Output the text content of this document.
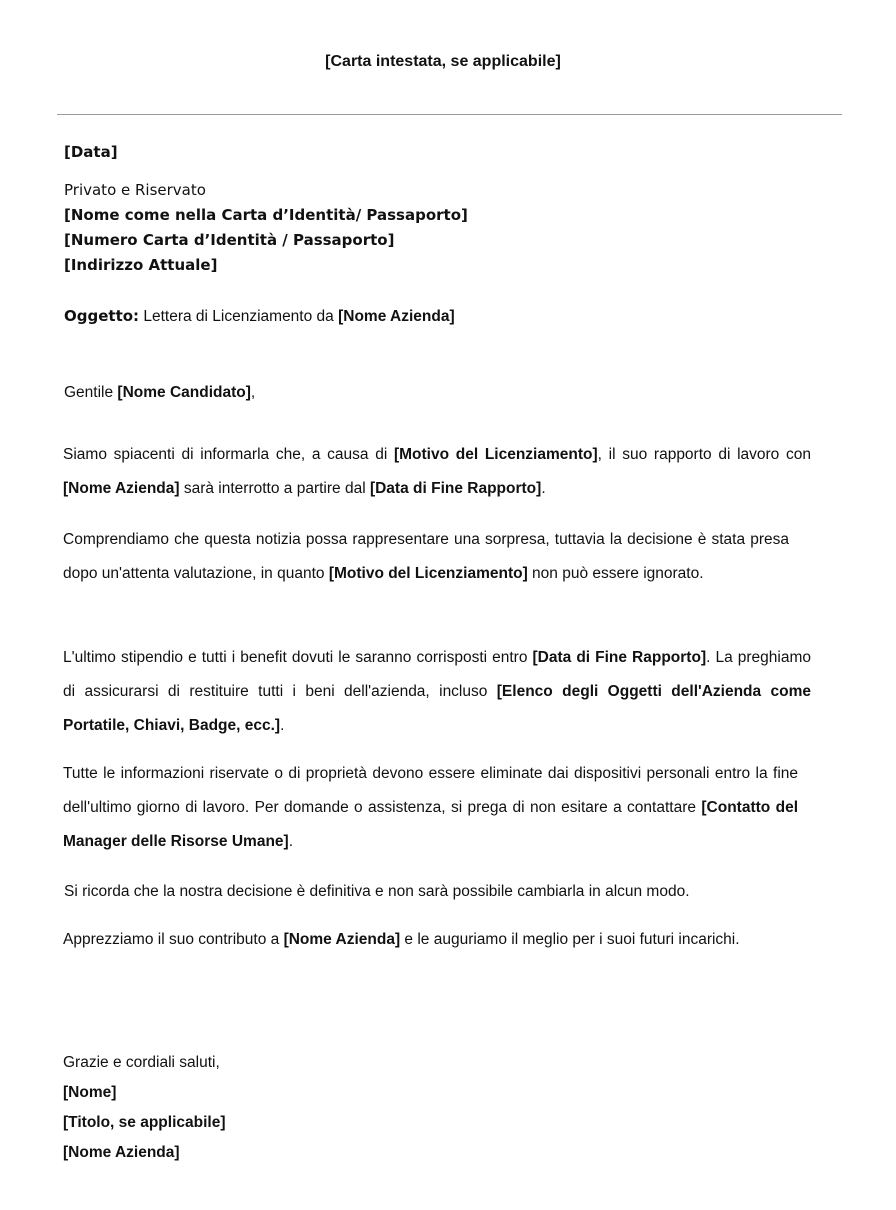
[Carta intestata, se applicabile]
[Data]
Privato e Riservato
[Nome come nella Carta d’Identità/ Passaporto]
[Numero Carta d’Identità / Passaporto]
[Indirizzo Attuale]
Oggetto: Lettera di Licenziamento da [Nome Azienda]
Gentile [Nome Candidato],
Siamo spiacenti di informarla che, a causa di [Motivo del Licenziamento], il suo rapporto di lavoro con [Nome Azienda] sarà interrotto a partire dal [Data di Fine Rapporto].
Comprendiamo che questa notizia possa rappresentare una sorpresa, tuttavia la decisione è stata presa dopo un'attenta valutazione, in quanto [Motivo del Licenziamento] non può essere ignorato.
L'ultimo stipendio e tutti i benefit dovuti le saranno corrisposti entro [Data di Fine Rapporto]. La preghiamo di assicurarsi di restituire tutti i beni dell'azienda, incluso [Elenco degli Oggetti dell'Azienda come Portatile, Chiavi, Badge, ecc.].
Tutte le informazioni riservate o di proprietà devono essere eliminate dai dispositivi personali entro la fine dell'ultimo giorno di lavoro. Per domande o assistenza, si prega di non esitare a contattare [Contatto del Manager delle Risorse Umane].
Si ricorda che la nostra decisione è definitiva e non sarà possibile cambiarla in alcun modo.
Apprezziamo il suo contributo a [Nome Azienda] e le auguriamo il meglio per i suoi futuri incarichi.
Grazie e cordiali saluti,
[Nome]
[Titolo, se applicabile]
[Nome Azienda]
